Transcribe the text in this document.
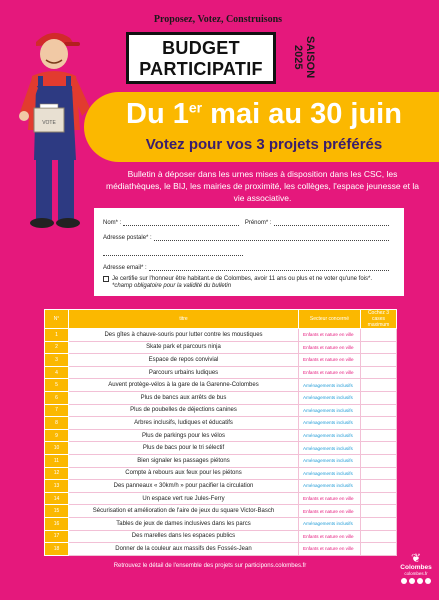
Proposez, Votez, Construisons
BUDGET
PARTICIPATIF	SAISON 2025
VOTE	Du 1er mai au 30 juin
Votez pour vos 3 projets préférés
Bulletin à déposer dans les urnes mises à disposition dans les CSC, les médiathèques, le BIJ, les mairies de proximité, les collèges, l'espace jeunesse et la vie associative.
Nom* :	Prénom* :
Adresse postale* :
Adresse email* :
Je certifie sur l'honneur être habitant.e de Colombes, avoir 11 ans ou plus et ne voter qu'une fois*.
*champ obligatoire pour la validité du bulletin
N°	titre	Secteur concerné	Cochez 3 cases maximum
1	Des gîtes à chauve-souris pour lutter contre les moustiques	Enfants et nature en ville	
2	Skate park et parcours ninja	Enfants et nature en ville	
3	Espace de repos convivial	Enfants et nature en ville	
4	Parcours urbains ludiques	Enfants et nature en ville	
5	Auvent protège-vélos à la gare de la Garenne-Colombes	Aménagements inclusifs	
6	Plus de bancs aux arrêts de bus	Aménagements inclusifs	
7	Plus de poubelles de déjections canines	Aménagements inclusifs	
8	Arbres inclusifs, ludiques et éducatifs	Aménagements inclusifs	
9	Plus de parkings pour les vélos	Aménagements inclusifs	
10	Plus de bacs pour le tri sélectif	Aménagements inclusifs	
11	Bien signaler les passages piétons	Aménagements inclusifs	
12	Compte à rebours aux feux pour les piétons	Aménagements inclusifs	
13	Des panneaux « 30km/h » pour pacifier la circulation	Aménagements inclusifs	
14	Un espace vert rue Jules-Ferry	Enfants et nature en ville	
15	Sécurisation et amélioration de l'aire de jeux du square Victor-Basch	Enfants et nature en ville	
16	Tables de jeux de dames inclusives dans les parcs	Aménagements inclusifs	
17	Des marelles dans les espaces publics	Enfants et nature en ville	
18	Donner de la couleur aux massifs des Fossés-Jean	Enfants et nature en ville	
Retrouvez le détail de l'ensemble des projets sur participons.colombes.fr
❦
Colombes
colombes.fr
